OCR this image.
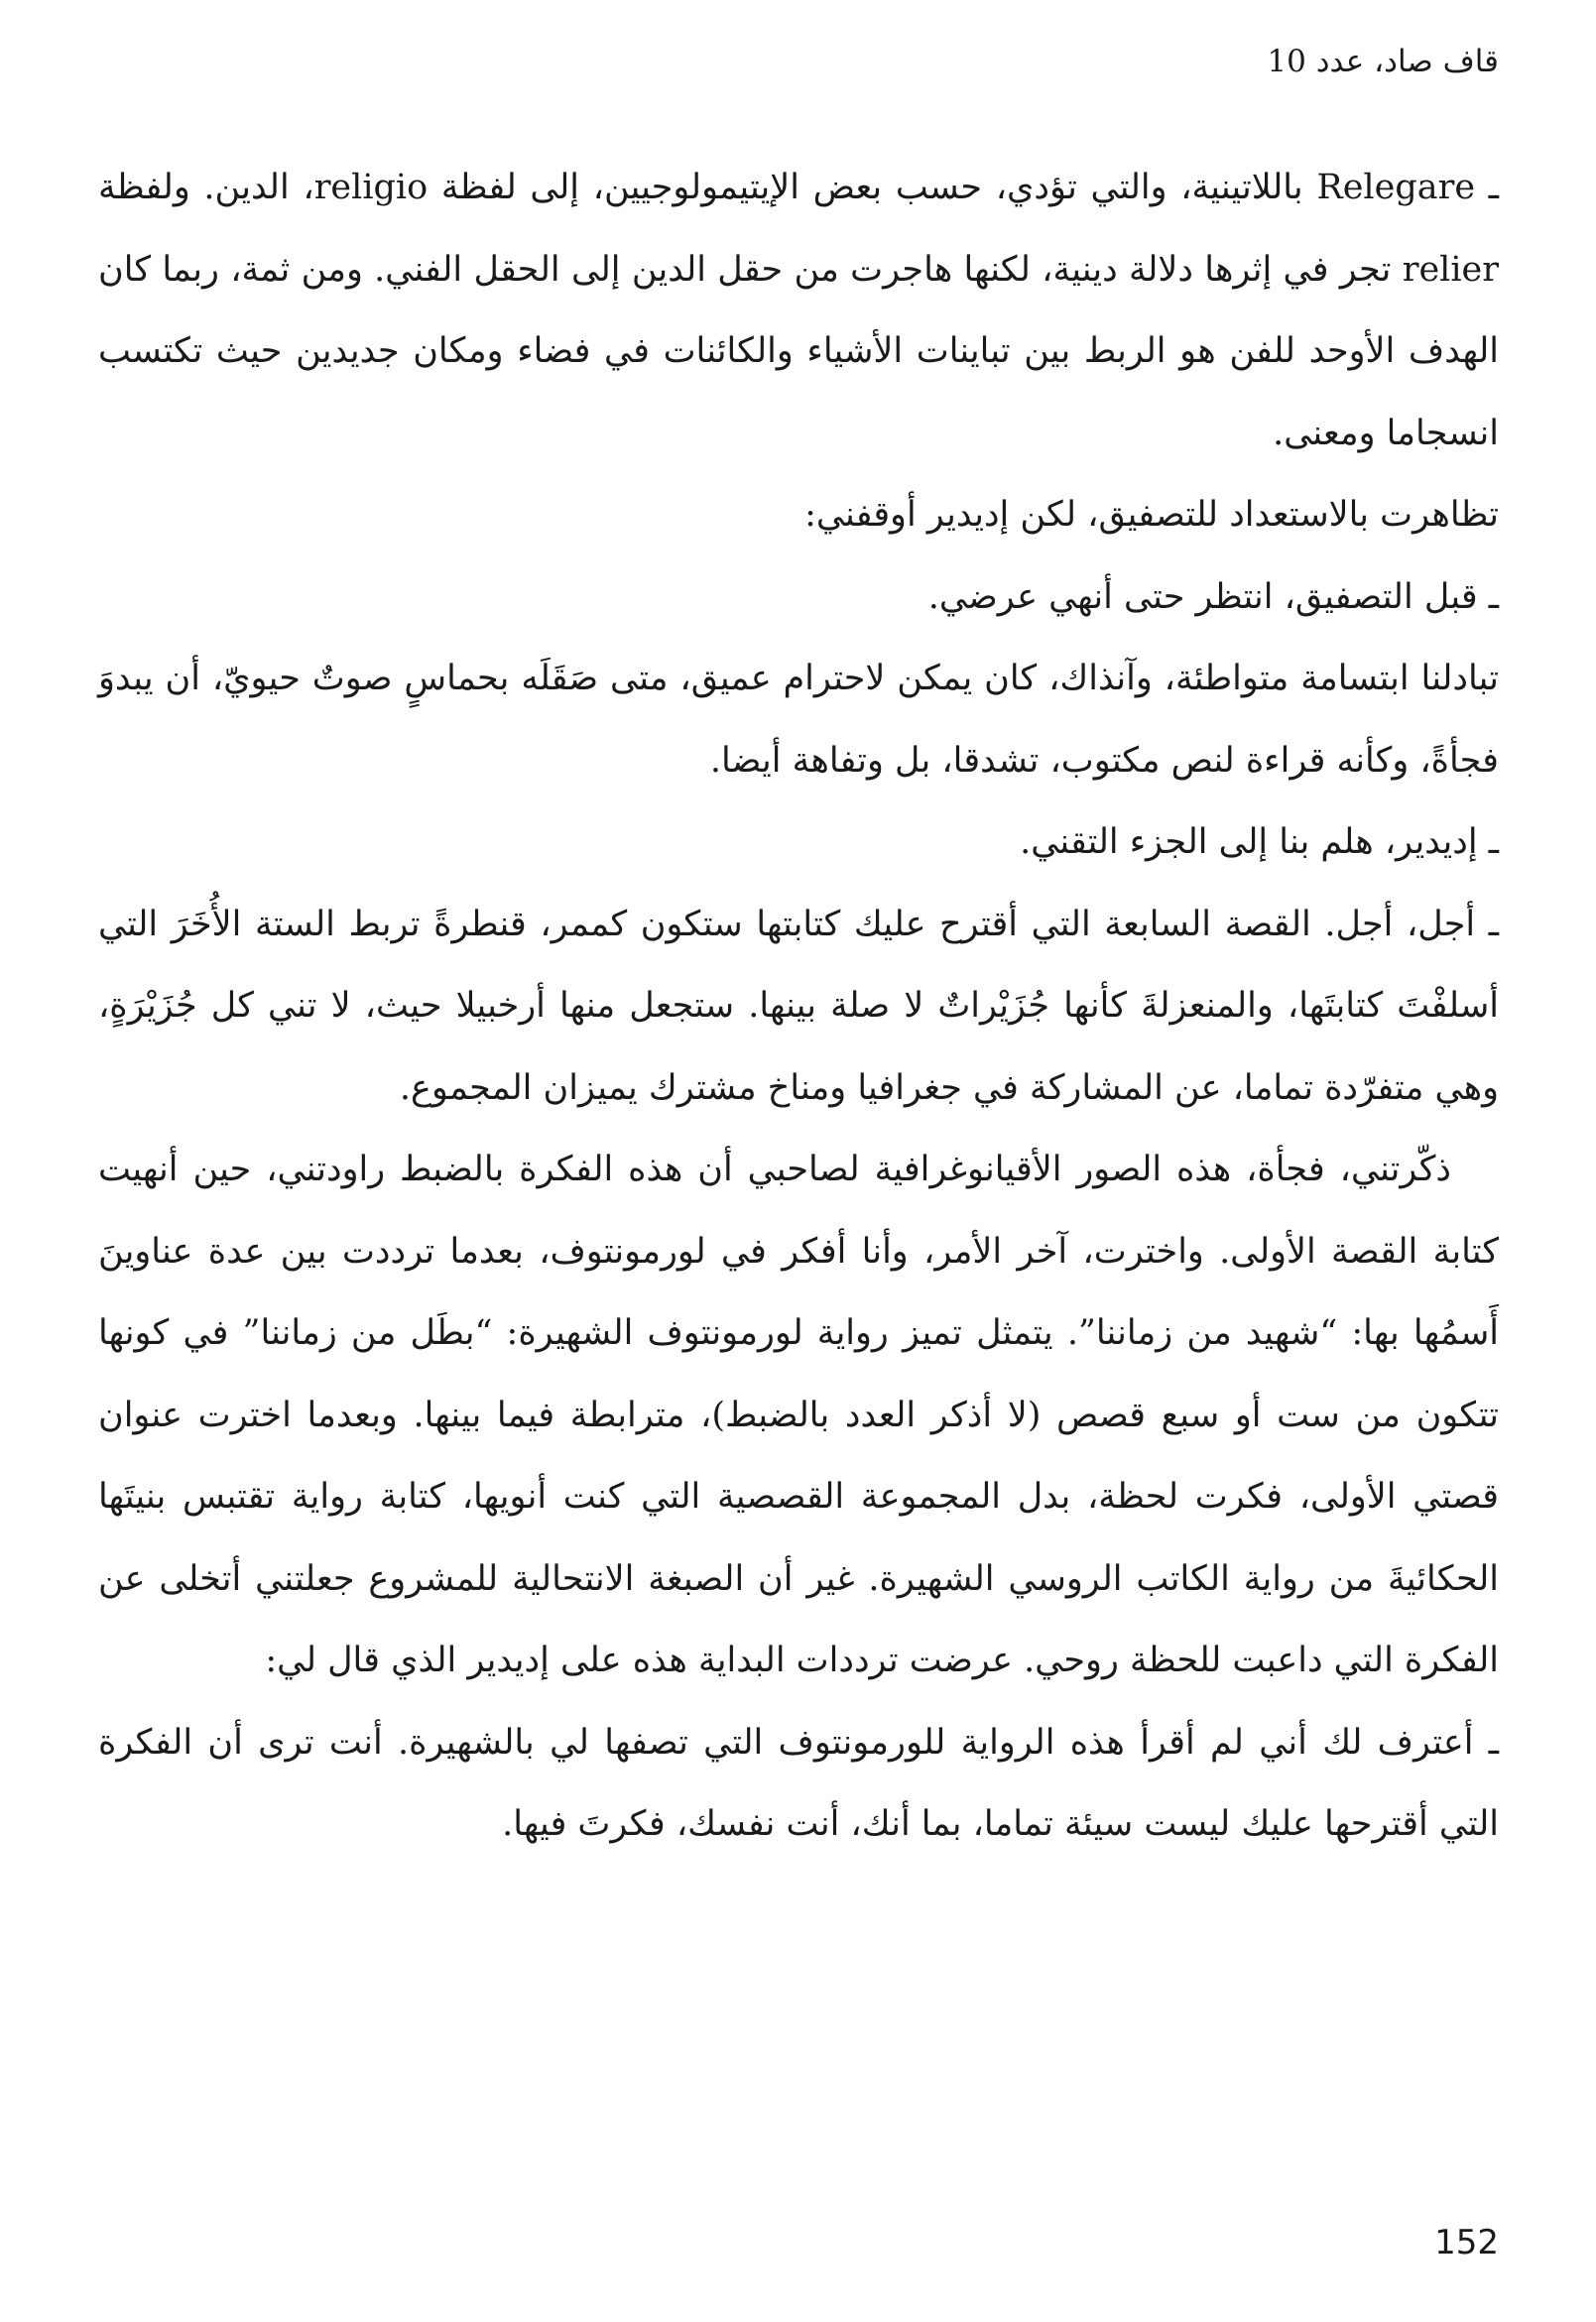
قاف صاد، عدد 10

ـ Relegare باللاتينية، والتي تؤدي، حسب بعض الإيتيمولوجيين، إلى لفظة religio، الدين. ولفظة relier تجر في إثرها دلالة دينية، لكنها هاجرت من حقل الدين إلى الحقل الفني. ومن ثمة، ربما كان الهدف الأوحد للفن هو الربط بين تباينات الأشياء والكائنات في فضاء ومكان جديدين حيث تكتسب انسجاما ومعنى.

تظاهرت بالاستعداد للتصفيق، لكن إديدير أوقفني:

ـ قبل التصفيق، انتظر حتى أنهي عرضي.

تبادلنا ابتسامة متواطئة، وآنذاك، كان يمكن لاحترام عميق، متى صَقَلَه بحماسٍ صوتٌ حيويّ، أن يبدوَ فجأةً، وكأنه قراءة لنص مكتوب، تشدقا، بل وتفاهة أيضا.

ـ إديدير، هلم بنا إلى الجزء التقني.

ـ أجل، أجل. القصة السابعة التي أقترح عليك كتابتها ستكون كممر، قنطرةً تربط الستة الأُخَرَ التي أسلفْتَ كتابتَها، والمنعزلةَ كأنها جُزَيْراتٌ لا صلة بينها. ستجعل منها أرخبيلا حيث، لا تني كل جُزَيْرَةٍ، وهي متفرّدة تماما، عن المشاركة في جغرافيا ومناخ مشترك يميزان المجموع.

ذكّرتني، فجأة، هذه الصور الأقيانوغرافية لصاحبي أن هذه الفكرة بالضبط راودتني، حين أنهيت كتابة القصة الأولى. واخترت، آخر الأمر، وأنا أفكر في لورمونتوف، بعدما ترددت بين عدة عناوينَ أَسمُها بها: “شهيد من زماننا”. يتمثل تميز رواية لورمونتوف الشهيرة: “بطَل من زماننا” في كونها تتكون من ست أو سبع قصص (لا أذكر العدد بالضبط)، مترابطة فيما بينها. وبعدما اخترت عنوان قصتي الأولى، فكرت لحظة، بدل المجموعة القصصية التي كنت أنويها، كتابة رواية تقتبس بنيتَها الحكائيةَ من رواية الكاتب الروسي الشهيرة. غير أن الصبغة الانتحالية للمشروع جعلتني أتخلى عن الفكرة التي داعبت للحظة روحي. عرضت ترددات البداية هذه على إديدير الذي قال لي:

ـ أعترف لك أني لم أقرأ هذه الرواية للورمونتوف التي تصفها لي بالشهيرة. أنت ترى أن الفكرة التي أقترحها عليك ليست سيئة تماما، بما أنك، أنت نفسك، فكرتَ فيها.

152
